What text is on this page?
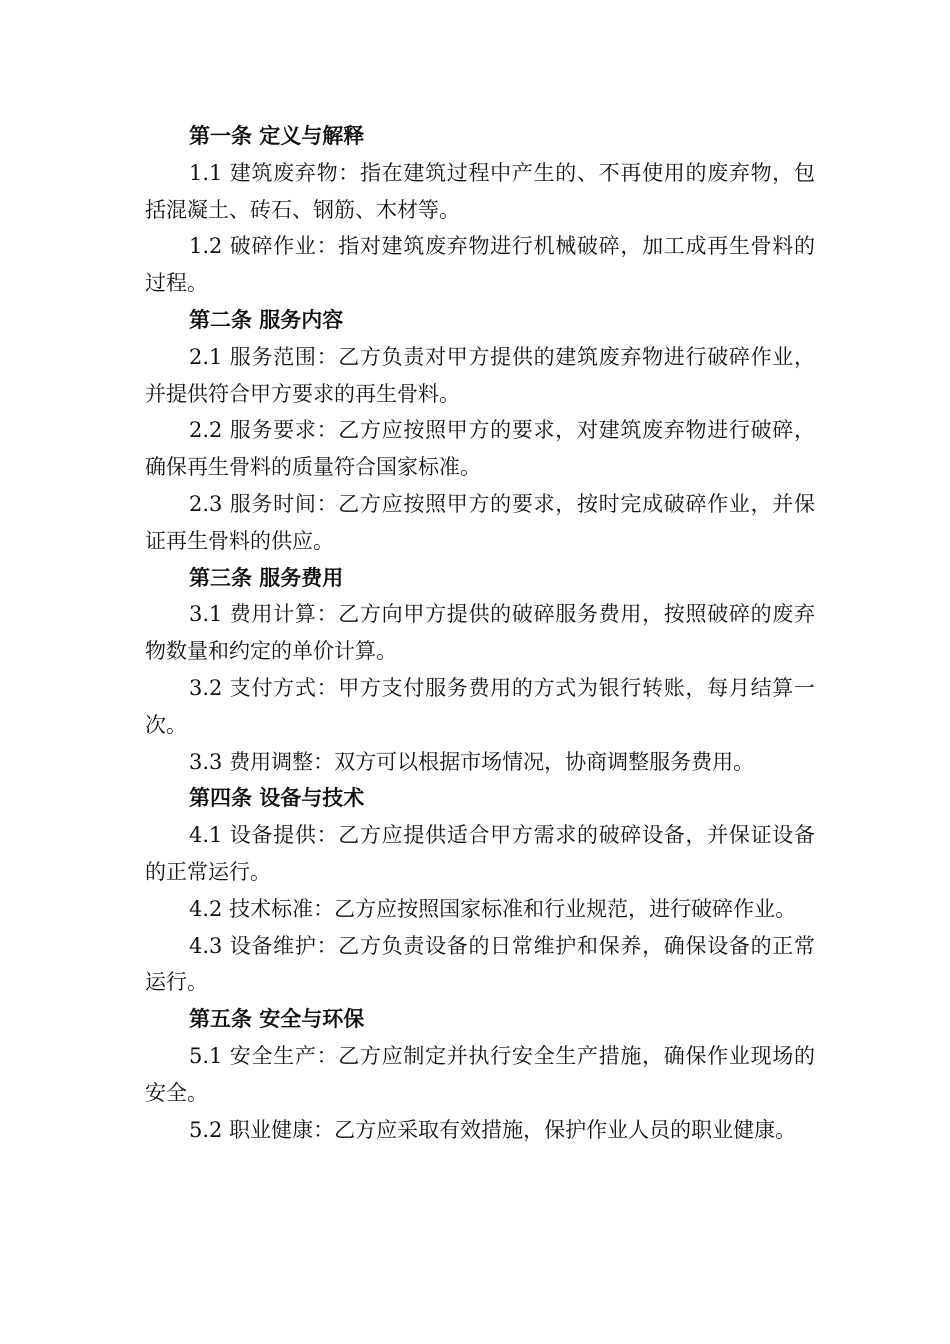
第一条 定义与解释

1.1 建筑废弃物：指在建筑过程中产生的、不再使用的废弃物，包括混凝土、砖石、钢筋、木材等。

1.2 破碎作业：指对建筑废弃物进行机械破碎，加工成再生骨料的过程。

第二条 服务内容

2.1 服务范围：乙方负责对甲方提供的建筑废弃物进行破碎作业，并提供符合甲方要求的再生骨料。

2.2 服务要求：乙方应按照甲方的要求，对建筑废弃物进行破碎，确保再生骨料的质量符合国家标准。

2.3 服务时间：乙方应按照甲方的要求，按时完成破碎作业，并保证再生骨料的供应。

第三条 服务费用

3.1 费用计算：乙方向甲方提供的破碎服务费用，按照破碎的废弃物数量和约定的单价计算。

3.2 支付方式：甲方支付服务费用的方式为银行转账，每月结算一次。

3.3 费用调整：双方可以根据市场情况，协商调整服务费用。

第四条 设备与技术

4.1 设备提供：乙方应提供适合甲方需求的破碎设备，并保证设备的正常运行。

4.2 技术标准：乙方应按照国家标准和行业规范，进行破碎作业。

4.3 设备维护：乙方负责设备的日常维护和保养，确保设备的正常运行。

第五条 安全与环保

5.1 安全生产：乙方应制定并执行安全生产措施，确保作业现场的安全。

5.2 职业健康：乙方应采取有效措施，保护作业人员的职业健康。
